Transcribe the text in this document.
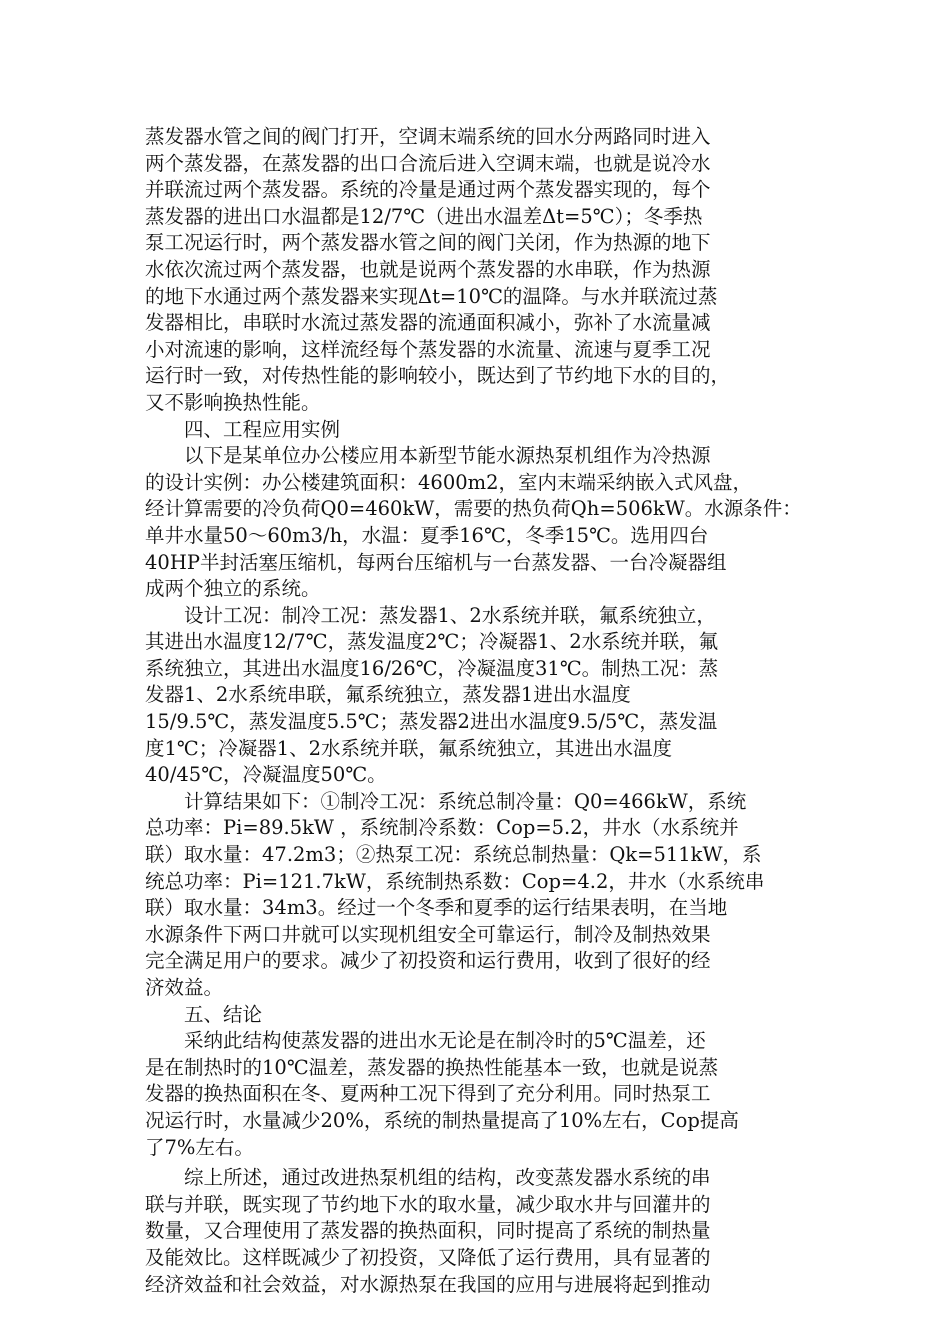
蒸发器水管之间的阀门打开，空调末端系统的回水分两路同时进入
两个蒸发器，在蒸发器的出口合流后进入空调末端，也就是说冷水
并联流过两个蒸发器。系统的冷量是通过两个蒸发器实现的，每个
蒸发器的进出口水温都是12/7℃（进出水温差Δt=5℃）；冬季热
泵工况运行时，两个蒸发器水管之间的阀门关闭，作为热源的地下
水依次流过两个蒸发器，也就是说两个蒸发器的水串联，作为热源
的地下水通过两个蒸发器来实现Δt=10℃的温降。与水并联流过蒸
发器相比，串联时水流过蒸发器的流通面积减小，弥补了水流量减
小对流速的影响，这样流经每个蒸发器的水流量、流速与夏季工况
运行时一致，对传热性能的影响较小，既达到了节约地下水的目的，
又不影响换热性能。
四、工程应用实例
以下是某单位办公楼应用本新型节能水源热泵机组作为冷热源
的设计实例：办公楼建筑面积：4600m2，室内末端采纳嵌入式风盘，
经计算需要的冷负荷Q0=460kW，需要的热负荷Qh=506kW。水源条件：
单井水量50～60m3/h，水温：夏季16℃，冬季15℃。选用四台
40HP半封活塞压缩机，每两台压缩机与一台蒸发器、一台冷凝器组
成两个独立的系统。
设计工况：制冷工况：蒸发器1、2水系统并联，氟系统独立，
其进出水温度12/7℃，蒸发温度2℃；冷凝器1、2水系统并联，氟
系统独立，其进出水温度16/26℃，冷凝温度31℃。制热工况：蒸
发器1、2水系统串联，氟系统独立，蒸发器1进出水温度
15/9.5℃，蒸发温度5.5℃；蒸发器2进出水温度9.5/5℃，蒸发温
度1℃；冷凝器1、2水系统并联，氟系统独立，其进出水温度
40/45℃，冷凝温度50℃。
计算结果如下：①制冷工况：系统总制冷量：Q0=466kW，系统
总功率：Pi=89.5kW ，系统制冷系数：Cop=5.2，井水（水系统并
联）取水量：47.2m3；②热泵工况：系统总制热量：Qk=511kW，系
统总功率：Pi=121.7kW，系统制热系数：Cop=4.2，井水（水系统串
联）取水量：34m3。经过一个冬季和夏季的运行结果表明，在当地
水源条件下两口井就可以实现机组安全可靠运行，制冷及制热效果
完全满足用户的要求。减少了初投资和运行费用，收到了很好的经
济效益。
五、结论
采纳此结构使蒸发器的进出水无论是在制冷时的5℃温差，还
是在制热时的10℃温差，蒸发器的换热性能基本一致，也就是说蒸
发器的换热面积在冬、夏两种工况下得到了充分利用。同时热泵工
况运行时，水量减少20%，系统的制热量提高了10%左右，Cop提高
了7%左右。
综上所述，通过改进热泵机组的结构，改变蒸发器水系统的串
联与并联，既实现了节约地下水的取水量，减少取水井与回灌井的
数量，又合理使用了蒸发器的换热面积，同时提高了系统的制热量
及能效比。这样既减少了初投资，又降低了运行费用，具有显著的
经济效益和社会效益，对水源热泵在我国的应用与进展将起到推动
